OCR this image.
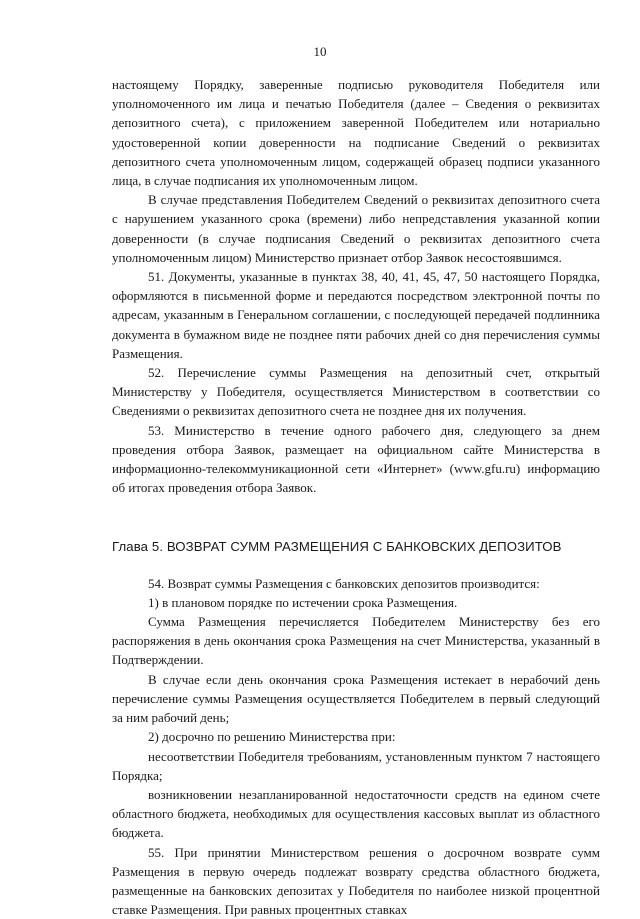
10

настоящему Порядку, заверенные подписью руководителя Победителя или уполномоченного им лица и печатью Победителя (далее – Сведения о реквизитах депозитного счета), с приложением заверенной Победителем или нотариально удостоверенной копии доверенности на подписание Сведений о реквизитах депозитного счета уполномоченным лицом, содержащей образец подписи указанного лица, в случае подписания их уполномоченным лицом.

В случае представления Победителем Сведений о реквизитах депозитного счета с нарушением указанного срока (времени) либо непредставления указанной копии доверенности (в случае подписания Сведений о реквизитах депозитного счета уполномоченным лицом) Министерство признает отбор Заявок несостоявшимся.

51. Документы, указанные в пунктах 38, 40, 41, 45, 47, 50 настоящего Порядка, оформляются в письменной форме и передаются посредством электронной почты по адресам, указанным в Генеральном соглашении, с последующей передачей подлинника документа в бумажном виде не позднее пяти рабочих дней со дня перечисления суммы Размещения.

52. Перечисление суммы Размещения на депозитный счет, открытый Министерству у Победителя, осуществляется Министерством в соответствии со Сведениями о реквизитах депозитного счета не позднее дня их получения.

53. Министерство в течение одного рабочего дня, следующего за днем проведения отбора Заявок, размещает на официальном сайте Министерства в информационно-телекоммуникационной сети «Интернет» (www.gfu.ru) информацию об итогах проведения отбора Заявок.

Глава 5. ВОЗВРАТ СУММ РАЗМЕЩЕНИЯ С БАНКОВСКИХ ДЕПОЗИТОВ

54. Возврат суммы Размещения с банковских депозитов производится:

1) в плановом порядке по истечении срока Размещения.

Сумма Размещения перечисляется Победителем Министерству без его распоряжения в день окончания срока Размещения на счет Министерства, указанный в Подтверждении.

В случае если день окончания срока Размещения истекает в нерабочий день перечисление суммы Размещения осуществляется Победителем в первый следующий за ним рабочий день;

2) досрочно по решению Министерства при:

несоответствии Победителя требованиям, установленным пунктом 7 настоящего Порядка;

возникновении незапланированной недостаточности средств на едином счете областного бюджета, необходимых для осуществления кассовых выплат из областного бюджета.

55. При принятии Министерством решения о досрочном возврате сумм Размещения в первую очередь подлежат возврату средства областного бюджета, размещенные на банковских депозитах у Победителя по наиболее низкой процентной ставке Размещения. При равных процентных ставках
